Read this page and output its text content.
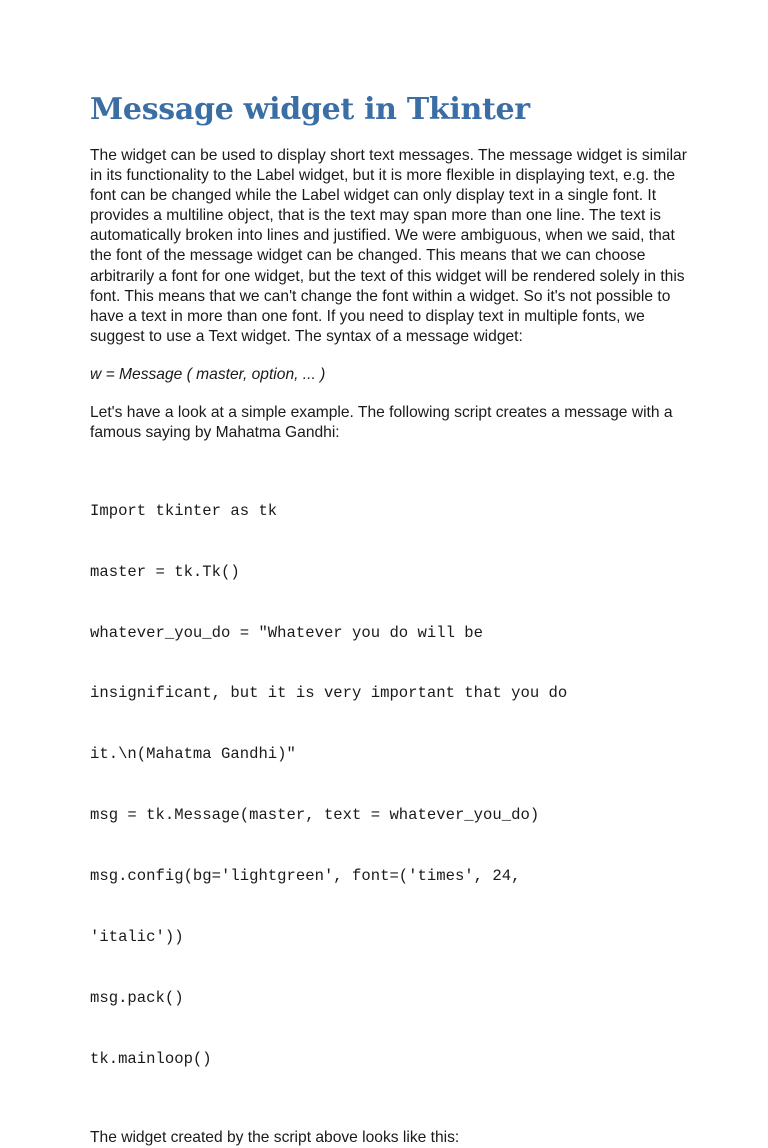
Message widget in Tkinter

The widget can be used to display short text messages. The message widget is similar in its functionality to the Label widget, but it is more flexible in displaying text, e.g. the font can be changed while the Label widget can only display text in a single font. It provides a multiline object, that is the text may span more than one line. The text is automatically broken into lines and justified. We were ambiguous, when we said, that the font of the message widget can be changed. This means that we can choose arbitrarily a font for one widget, but the text of this widget will be rendered solely in this font. This means that we can't change the font within a widget. So it's not possible to have a text in more than one font. If you need to display text in multiple fonts, we suggest to use a Text widget. The syntax of a message widget:

w = Message ( master, option, ... )

Let's have a look at a simple example. The following script creates a message with a famous saying by Mahatma Gandhi:

Import tkinter as tk

master = tk.Tk()

whatever_you_do = "Whatever you do will be

insignificant, but it is very important that you do

it.\n(Mahatma Gandhi)"

msg = tk.Message(master, text = whatever_you_do)

msg.config(bg='lightgreen', font=('times', 24,

'italic'))

msg.pack()

tk.mainloop()

The widget created by the script above looks like this:
